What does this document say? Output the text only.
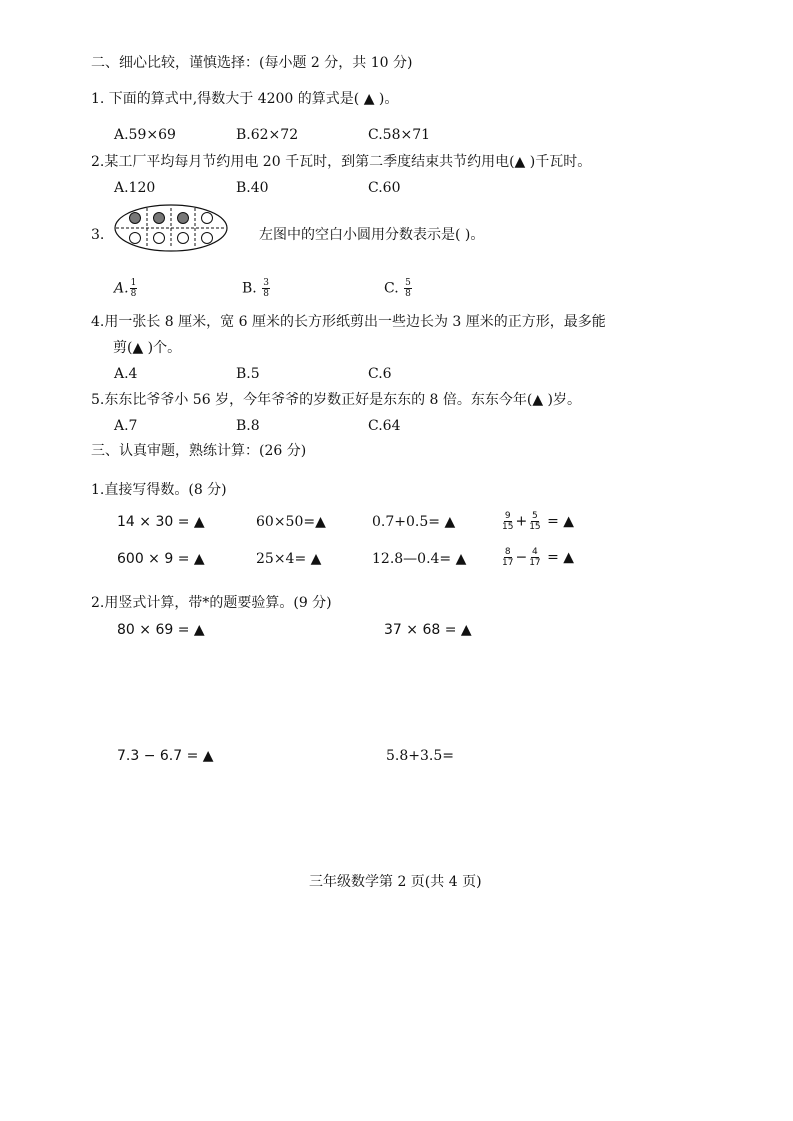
二、细心比较，谨慎选择：(每小题 2 分，共 10 分)
1. 下面的算式中,得数大于 4200 的算式是( ▲ )。
A.59×69	B.62×72	C.58×71
2.某工厂平均每月节约用电 20 千瓦时，到第二季度结束共节约用电(▲ )千瓦时。
A.120	B.40	C.60
3.	左图中的空白小圆用分数表示是( )。
A. $\frac{1}{8}$	B. $\frac{3}{8}$	C. $\frac{5}{8}$
4.用一张长 8 厘米，宽 6 厘米的长方形纸剪出一些边长为 3 厘米的正方形，最多能
剪(▲ )个。
A.4	B.5	C.6
5.东东比爷爷小 56 岁，今年爷爷的岁数正好是东东的 8 倍。东东今年(▲ )岁。
A.7	B.8	C.64
三、认真审题，熟练计算：(26 分)
1.直接写得数。(8 分)
14 × 30 = ▲	60×50=▲	0.7+0.5= ▲	$\frac{9}{15} + \frac{5}{15}$ = ▲
600 × 9 = ▲	25×4= ▲	12.8—0.4= ▲	$\frac{8}{17} - \frac{4}{17}$ = ▲
2.用竖式计算，带*的题要验算。(9 分)
80 × 69 = ▲	37 × 68 = ▲
7.3 − 6.7 = ▲	5.8+3.5=
三年级数学第 2 页(共 4 页)
